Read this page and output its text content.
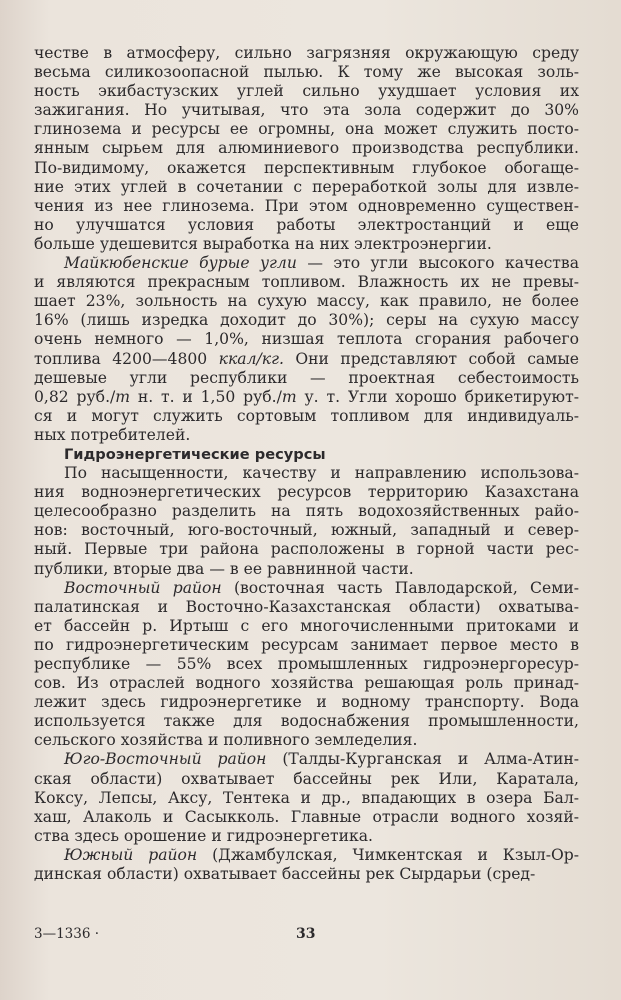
честве в атмосферу, сильно загрязняя окружающую среду
весьма силикозоопасной пылью. К тому же высокая золь-
ность экибастузских углей сильно ухудшает условия их
зажигания. Но учитывая, что эта зола содержит до 30%
глинозема и ресурсы ее огромны, она может служить посто-
янным сырьем для алюминиевого производства республики.
По-видимому, окажется перспективным глубокое обогаще-
ние этих углей в сочетании с переработкой золы для извле-
чения из нее глинозема. При этом одновременно существен-
но улучшатся условия работы электростанций и еще
больше удешевится выработка на них электроэнергии.
Майкюбенские бурые угли — это угли высокого качества
и являются прекрасным топливом. Влажность их не превы-
шает 23%, зольность на сухую массу, как правило, не более
16% (лишь изредка доходит до 30%); серы на сухую массу
очень немного — 1,0%, низшая теплота сгорания рабочего
топлива 4200—4800 ккал/кг. Они представляют собой самые
дешевые угли республики — проектная себестоимость
0,82 руб./т н. т. и 1,50 руб./т у. т. Угли хорошо брикетируют-
ся и могут служить сортовым топливом для индивидуаль-
ных потребителей.
Гидроэнергетические ресурсы
По насыщенности, качеству и направлению использова-
ния водноэнергетических ресурсов территорию Казахстана
целесообразно разделить на пять водохозяйственных райо-
нов: восточный, юго-восточный, южный, западный и север-
ный. Первые три района расположены в горной части рес-
публики, вторые два — в ее равнинной части.
Восточный район (восточная часть Павлодарской, Семи-
палатинская и Восточно-Казахстанская области) охватыва-
ет бассейн р. Иртыш с его многочисленными притоками и
по гидроэнергетическим ресурсам занимает первое место в
республике — 55% всех промышленных гидроэнергоресур-
сов. Из отраслей водного хозяйства решающая роль принад-
лежит здесь гидроэнергетике и водному транспорту. Вода
используется также для водоснабжения промышленности,
сельского хозяйства и поливного земледелия.
Юго-Восточный район (Талды-Курганская и Алма-Атин-
ская области) охватывает бассейны рек Или, Каратала,
Коксу, Лепсы, Аксу, Тентека и др., впадающих в озера Бал-
хаш, Алаколь и Сасыкколь. Главные отрасли водного хозяй-
ства здесь орошение и гидроэнергетика.
Южный район (Джамбулская, Чимкентская и Кзыл-Ор-
динская области) охватывает бассейны рек Сырдарьи (сред-
3—1336 ·	33
